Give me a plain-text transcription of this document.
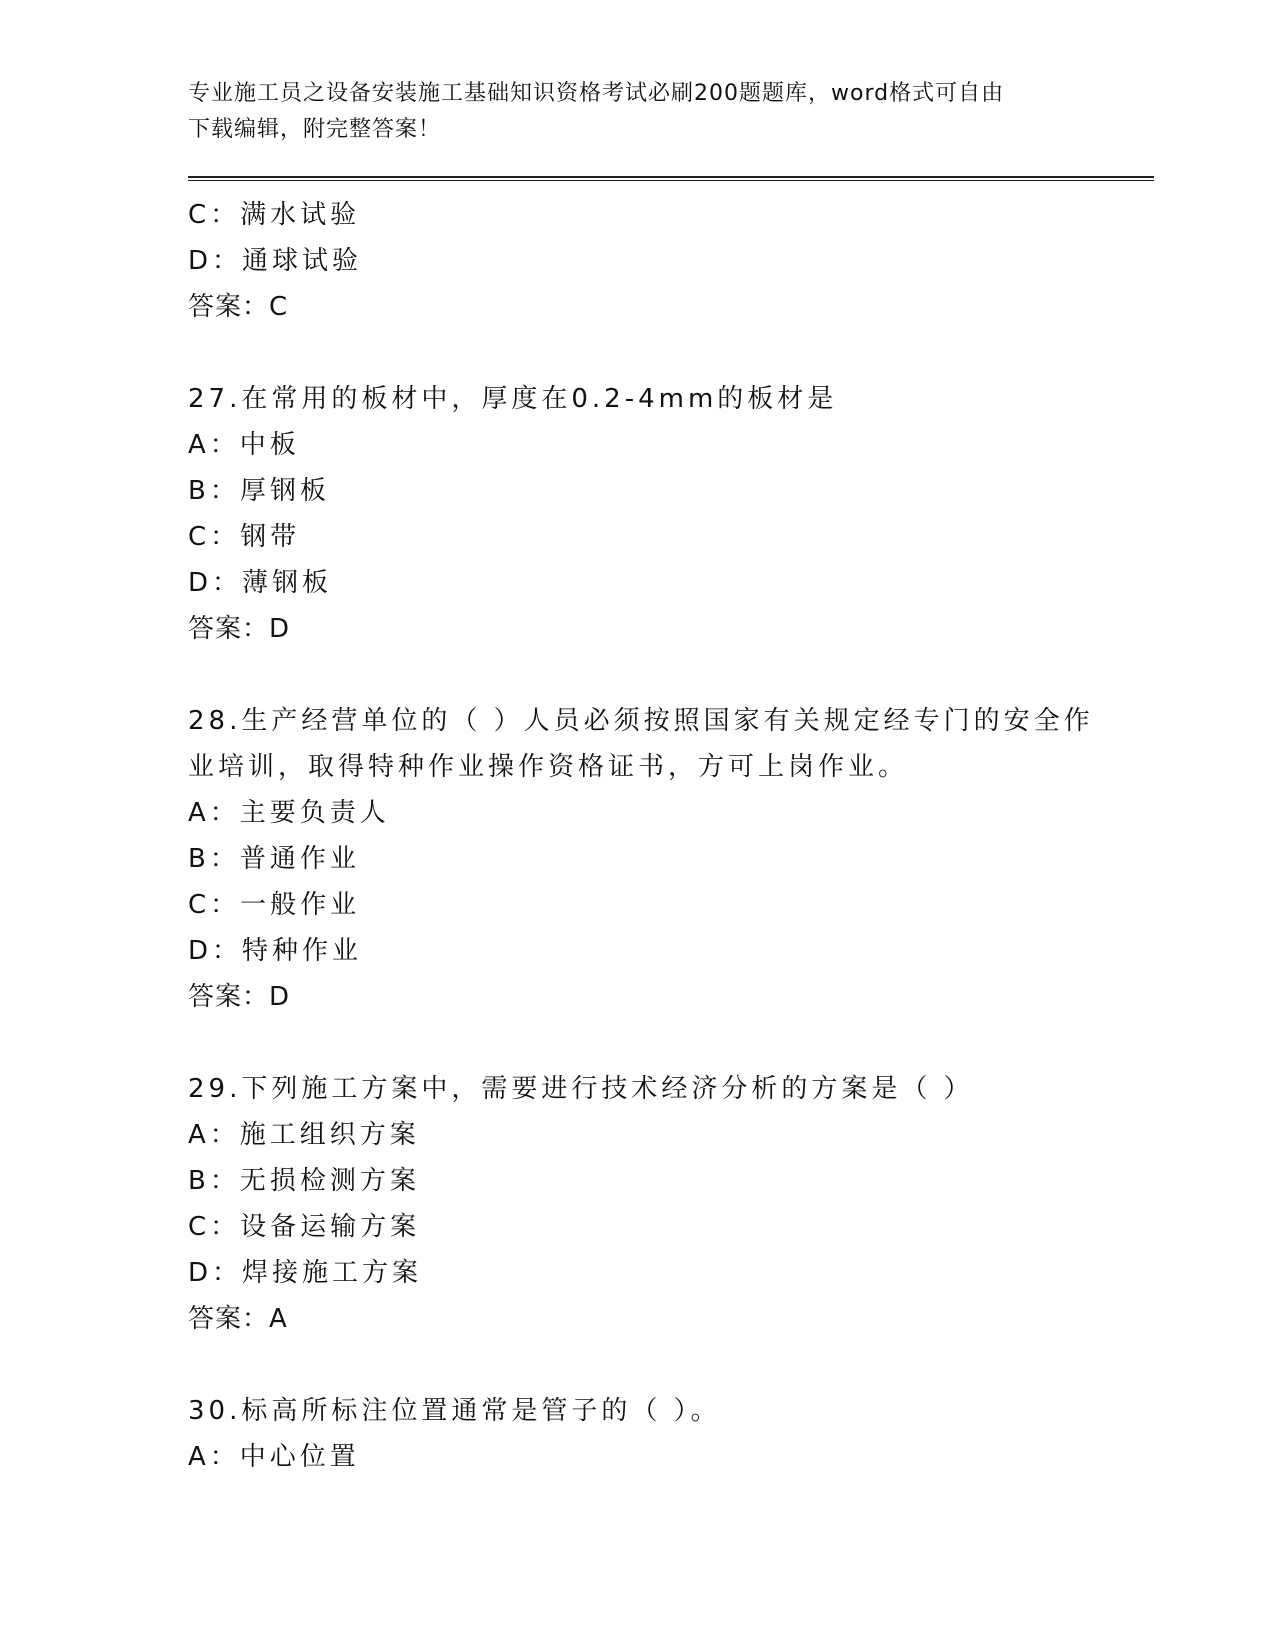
专业施工员之设备安装施工基础知识资格考试必刷200题题库，word格式可自由
下载编辑，附完整答案！
C：满水试验
D：通球试验
答案：C
27.在常用的板材中，厚度在0.2-4mm的板材是
A：中板
B：厚钢板
C：钢带
D：薄钢板
答案：D
28.生产经营单位的（ ）人员必须按照国家有关规定经专门的安全作
业培训，取得特种作业操作资格证书，方可上岗作业。
A：主要负责人
B：普通作业
C：一般作业
D：特种作业
答案：D
29.下列施工方案中，需要进行技术经济分析的方案是（ ）
A：施工组织方案
B：无损检测方案
C：设备运输方案
D：焊接施工方案
答案：A
30.标高所标注位置通常是管子的（ ）。
A：中心位置
